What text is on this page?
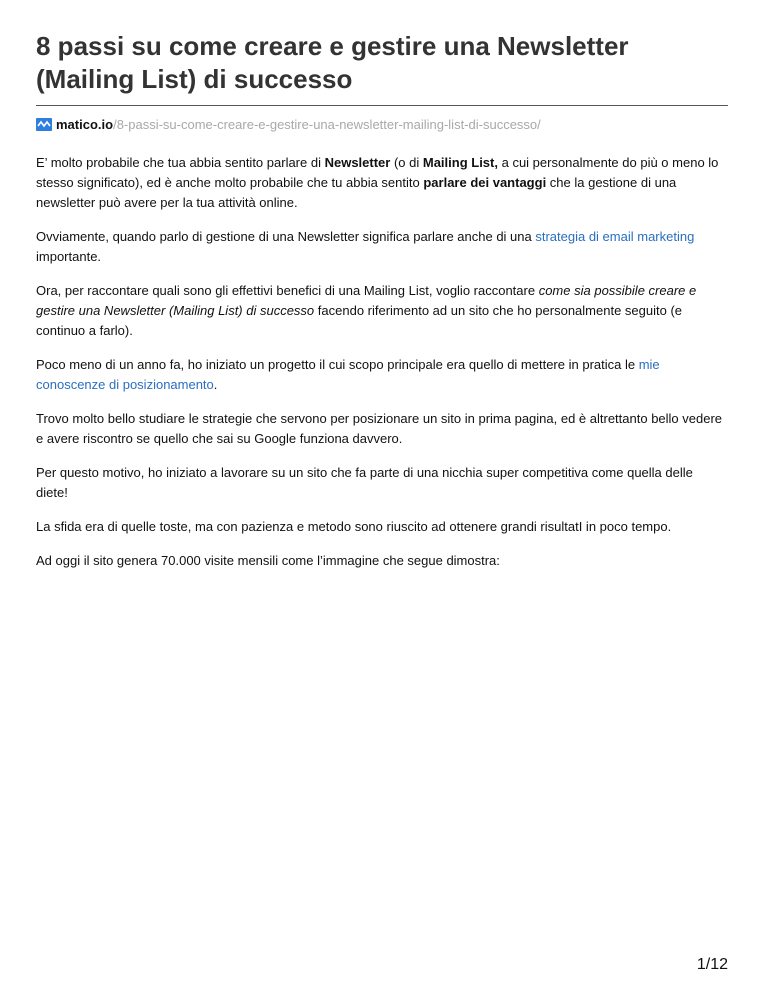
8 passi su come creare e gestire una Newsletter (Mailing List) di successo
matico.io /8-passi-su-come-creare-e-gestire-una-newsletter-mailing-list-di-successo/

E’ molto probabile che tua abbia sentito parlare di Newsletter (o di Mailing List, a cui personalmente do più o meno lo stesso significato), ed è anche molto probabile che tu abbia sentito parlare dei vantaggi che la gestione di una newsletter può avere per la tua attività online.

Ovviamente, quando parlo di gestione di una Newsletter significa parlare anche di una strategia di email marketing importante.

Ora, per raccontare quali sono gli effettivi benefici di una Mailing List, voglio raccontare come sia possibile creare e gestire una Newsletter (Mailing List) di successo facendo riferimento ad un sito che ho personalmente seguito (e continuo a farlo).

Poco meno di un anno fa, ho iniziato un progetto il cui scopo principale era quello di mettere in pratica le mie conoscenze di posizionamento.

Trovo molto bello studiare le strategie che servono per posizionare un sito in prima pagina, ed è altrettanto bello vedere e avere riscontro se quello che sai su Google funziona davvero.

Per questo motivo, ho iniziato a lavorare su un sito che fa parte di una nicchia super competitiva come quella delle diete!

La sfida era di quelle toste, ma con pazienza e metodo sono riuscito ad ottenere grandi risultatI in poco tempo.

Ad oggi il sito genera 70.000 visite mensili come l’immagine che segue dimostra:

1/12
